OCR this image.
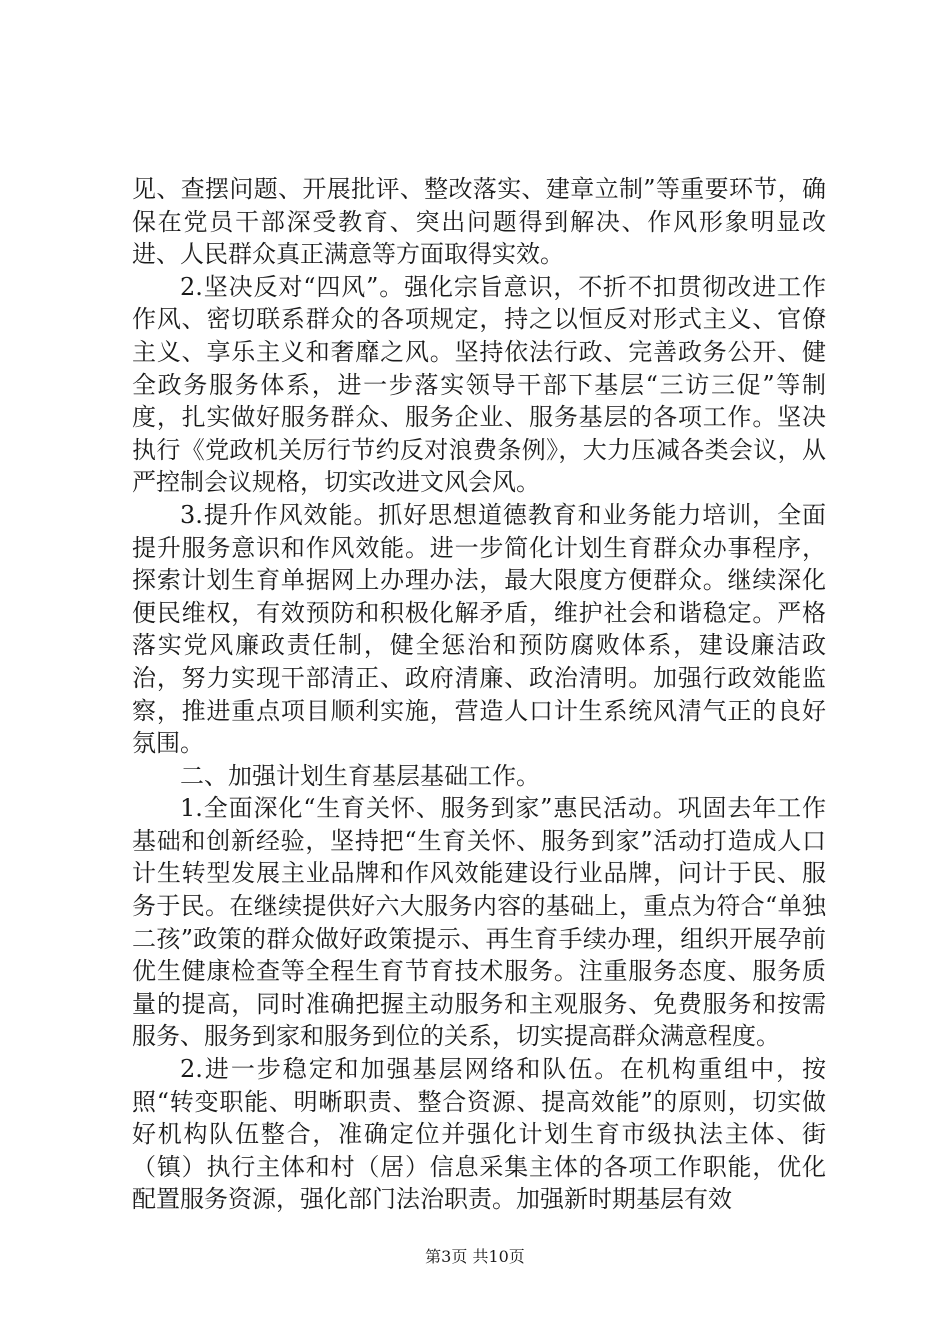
见、查摆问题、开展批评、整改落实、建章立制”等重要环节，确保在党员干部深受教育、突出问题得到解决、作风形象明显改进、人民群众真正满意等方面取得实效。

2.坚决反对“四风”。强化宗旨意识，不折不扣贯彻改进工作作风、密切联系群众的各项规定，持之以恒反对形式主义、官僚主义、享乐主义和奢靡之风。坚持依法行政、完善政务公开、健全政务服务体系，进一步落实领导干部下基层“三访三促”等制度，扎实做好服务群众、服务企业、服务基层的各项工作。坚决执行《党政机关厉行节约反对浪费条例》，大力压减各类会议，从严控制会议规格，切实改进文风会风。

3.提升作风效能。抓好思想道德教育和业务能力培训，全面提升服务意识和作风效能。进一步简化计划生育群众办事程序，探索计划生育单据网上办理办法，最大限度方便群众。继续深化便民维权，有效预防和积极化解矛盾，维护社会和谐稳定。严格落实党风廉政责任制，健全惩治和预防腐败体系，建设廉洁政治，努力实现干部清正、政府清廉、政治清明。加强行政效能监察，推进重点项目顺利实施，营造人口计生系统风清气正的良好氛围。

二、加强计划生育基层基础工作。

1.全面深化“生育关怀、服务到家”惠民活动。巩固去年工作基础和创新经验，坚持把“生育关怀、服务到家”活动打造成人口计生转型发展主业品牌和作风效能建设行业品牌，问计于民、服务于民。在继续提供好六大服务内容的基础上，重点为符合“单独二孩”政策的群众做好政策提示、再生育手续办理，组织开展孕前优生健康检查等全程生育节育技术服务。注重服务态度、服务质量的提高，同时准确把握主动服务和主观服务、免费服务和按需服务、服务到家和服务到位的关系，切实提高群众满意程度。

2.进一步稳定和加强基层网络和队伍。在机构重组中，按照“转变职能、明晰职责、整合资源、提高效能”的原则，切实做好机构队伍整合，准确定位并强化计划生育市级执法主体、街（镇）执行主体和村（居）信息采集主体的各项工作职能，优化配置服务资源，强化部门法治职责。加强新时期基层有效

第3页 共10页
